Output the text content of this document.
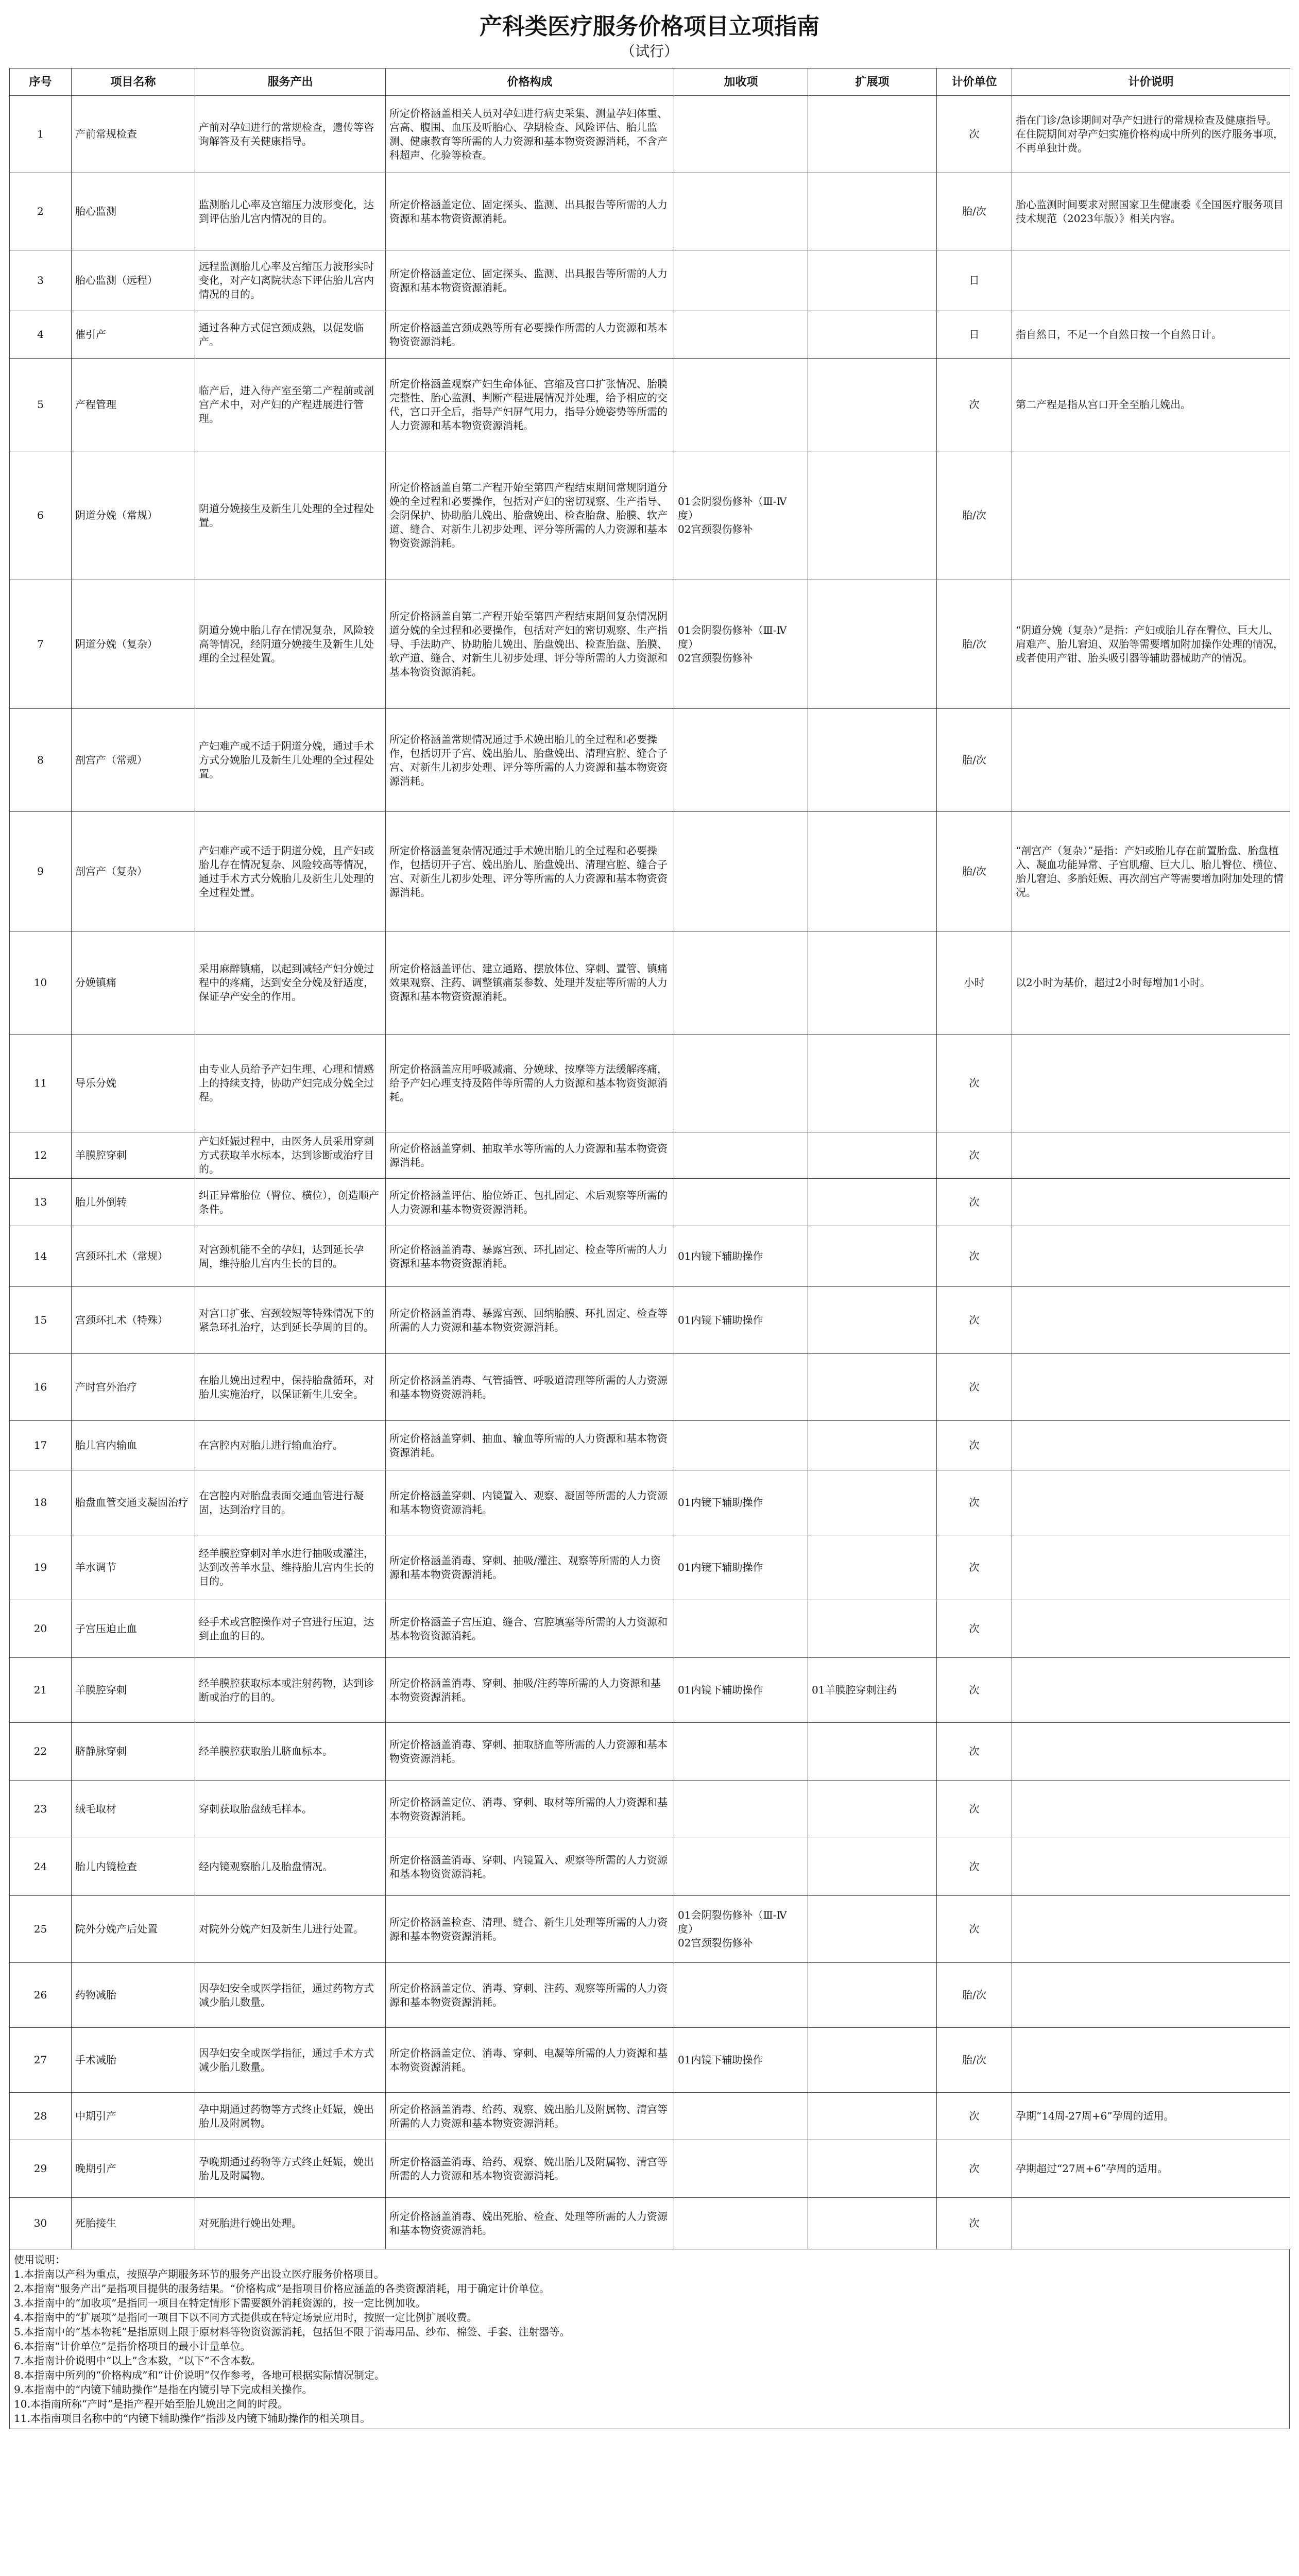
产科类医疗服务价格项目立项指南
（试行）
序号	项目名称	服务产出	价格构成	加收项	扩展项	计价单位	计价说明
1	产前常规检查	产前对孕妇进行的常规检查，遗传等咨询解答及有关健康指导。	所定价格涵盖相关人员对孕妇进行病史采集、测量孕妇体重、宫高、腹围、血压及听胎心、孕期检查、风险评估、胎儿监测、健康教育等所需的人力资源和基本物资资源消耗，不含产科超声、化验等检查。			次	指在门诊/急诊期间对孕产妇进行的常规检查及健康指导。在住院期间对孕产妇实施价格构成中所列的医疗服务事项，不再单独计费。
2	胎心监测	监测胎儿心率及宫缩压力波形变化，达到评估胎儿宫内情况的目的。	所定价格涵盖定位、固定探头、监测、出具报告等所需的人力资源和基本物资资源消耗。			胎/次	胎心监测时间要求对照国家卫生健康委《全国医疗服务项目技术规范（2023年版）》相关内容。
3	胎心监测（远程）	远程监测胎儿心率及宫缩压力波形实时变化，对产妇离院状态下评估胎儿宫内情况的目的。	所定价格涵盖定位、固定探头、监测、出具报告等所需的人力资源和基本物资资源消耗。			日	
4	催引产	通过各种方式促宫颈成熟，以促发临产。	所定价格涵盖宫颈成熟等所有必要操作所需的人力资源和基本物资资源消耗。			日	指自然日，不足一个自然日按一个自然日计。
5	产程管理	临产后，进入待产室至第二产程前或剖宫产术中，对产妇的产程进展进行管理。	所定价格涵盖观察产妇生命体征、宫缩及宫口扩张情况、胎膜完整性、胎心监测、判断产程进展情况并处理，给予相应的交代，宫口开全后，指导产妇屏气用力，指导分娩姿势等所需的人力资源和基本物资资源消耗。			次	第二产程是指从宫口开全至胎儿娩出。
6	阴道分娩（常规）	阴道分娩接生及新生儿处理的全过程处置。	所定价格涵盖自第二产程开始至第四产程结束期间常规阴道分娩的全过程和必要操作，包括对产妇的密切观察、生产指导、会阴保护、协助胎儿娩出、胎盘娩出、检查胎盘、胎膜、软产道、缝合、对新生儿初步处理、评分等所需的人力资源和基本物资资源消耗。	01会阴裂伤修补（Ⅲ-Ⅳ度）
02宫颈裂伤修补		胎/次	
7	阴道分娩（复杂）	阴道分娩中胎儿存在情况复杂，风险较高等情况，经阴道分娩接生及新生儿处理的全过程处置。	所定价格涵盖自第二产程开始至第四产程结束期间复杂情况阴道分娩的全过程和必要操作，包括对产妇的密切观察、生产指导、手法助产、协助胎儿娩出、胎盘娩出、检查胎盘、胎膜、软产道、缝合、对新生儿初步处理、评分等所需的人力资源和基本物资资源消耗。	01会阴裂伤修补（Ⅲ-Ⅳ度）
02宫颈裂伤修补		胎/次	“阴道分娩（复杂）”是指：产妇或胎儿存在臀位、巨大儿、肩难产、胎儿窘迫、双胎等需要增加附加操作处理的情况，或者使用产钳、胎头吸引器等辅助器械助产的情况。
8	剖宫产（常规）	产妇难产或不适于阴道分娩，通过手术方式分娩胎儿及新生儿处理的全过程处置。	所定价格涵盖常规情况通过手术娩出胎儿的全过程和必要操作，包括切开子宫、娩出胎儿、胎盘娩出、清理宫腔、缝合子宫、对新生儿初步处理、评分等所需的人力资源和基本物资资源消耗。			胎/次	
9	剖宫产（复杂）	产妇难产或不适于阴道分娩，且产妇或胎儿存在情况复杂、风险较高等情况，通过手术方式分娩胎儿及新生儿处理的全过程处置。	所定价格涵盖复杂情况通过手术娩出胎儿的全过程和必要操作，包括切开子宫、娩出胎儿、胎盘娩出、清理宫腔、缝合子宫、对新生儿初步处理、评分等所需的人力资源和基本物资资源消耗。			胎/次	“剖宫产（复杂）”是指：产妇或胎儿存在前置胎盘、胎盘植入、凝血功能异常、子宫肌瘤、巨大儿、胎儿臀位、横位、胎儿窘迫、多胎妊娠、再次剖宫产等需要增加附加处理的情况。
10	分娩镇痛	采用麻醉镇痛，以起到减轻产妇分娩过程中的疼痛，达到安全分娩及舒适度，保证孕产安全的作用。	所定价格涵盖评估、建立通路、摆放体位、穿刺、置管、镇痛效果观察、注药、调整镇痛泵参数、处理并发症等所需的人力资源和基本物资资源消耗。			小时	以2小时为基价，超过2小时每增加1小时。
11	导乐分娩	由专业人员给予产妇生理、心理和情感上的持续支持，协助产妇完成分娩全过程。	所定价格涵盖应用呼吸减痛、分娩球、按摩等方法缓解疼痛，给予产妇心理支持及陪伴等所需的人力资源和基本物资资源消耗。			次	
12	羊膜腔穿刺	产妇妊娠过程中，由医务人员采用穿刺方式获取羊水标本，达到诊断或治疗目的。	所定价格涵盖穿刺、抽取羊水等所需的人力资源和基本物资资源消耗。			次	
13	胎儿外倒转	纠正异常胎位（臀位、横位），创造顺产条件。	所定价格涵盖评估、胎位矫正、包扎固定、术后观察等所需的人力资源和基本物资资源消耗。			次	
14	宫颈环扎术（常规）	对宫颈机能不全的孕妇，达到延长孕周，维持胎儿宫内生长的目的。	所定价格涵盖消毒、暴露宫颈、环扎固定、检查等所需的人力资源和基本物资资源消耗。	01内镜下辅助操作		次	
15	宫颈环扎术（特殊）	对宫口扩张、宫颈较短等特殊情况下的紧急环扎治疗，达到延长孕周的目的。	所定价格涵盖消毒、暴露宫颈、回纳胎膜、环扎固定、检查等所需的人力资源和基本物资资源消耗。	01内镜下辅助操作		次	
16	产时宫外治疗	在胎儿娩出过程中，保持胎盘循环，对胎儿实施治疗，以保证新生儿安全。	所定价格涵盖消毒、气管插管、呼吸道清理等所需的人力资源和基本物资资源消耗。			次	
17	胎儿宫内输血	在宫腔内对胎儿进行输血治疗。	所定价格涵盖穿刺、抽血、输血等所需的人力资源和基本物资资源消耗。			次	
18	胎盘血管交通支凝固治疗	在宫腔内对胎盘表面交通血管进行凝固，达到治疗目的。	所定价格涵盖穿刺、内镜置入、观察、凝固等所需的人力资源和基本物资资源消耗。	01内镜下辅助操作		次	
19	羊水调节	经羊膜腔穿刺对羊水进行抽吸或灌注，达到改善羊水量、维持胎儿宫内生长的目的。	所定价格涵盖消毒、穿刺、抽吸/灌注、观察等所需的人力资源和基本物资资源消耗。	01内镜下辅助操作		次	
20	子宫压迫止血	经手术或宫腔操作对子宫进行压迫，达到止血的目的。	所定价格涵盖子宫压迫、缝合、宫腔填塞等所需的人力资源和基本物资资源消耗。			次	
21	羊膜腔穿刺	经羊膜腔获取标本或注射药物，达到诊断或治疗的目的。	所定价格涵盖消毒、穿刺、抽吸/注药等所需的人力资源和基本物资资源消耗。	01内镜下辅助操作	01羊膜腔穿刺注药	次	
22	脐静脉穿刺	经羊膜腔获取胎儿脐血标本。	所定价格涵盖消毒、穿刺、抽取脐血等所需的人力资源和基本物资资源消耗。			次	
23	绒毛取材	穿刺获取胎盘绒毛样本。	所定价格涵盖定位、消毒、穿刺、取材等所需的人力资源和基本物资资源消耗。			次	
24	胎儿内镜检查	经内镜观察胎儿及胎盘情况。	所定价格涵盖消毒、穿刺、内镜置入、观察等所需的人力资源和基本物资资源消耗。			次	
25	院外分娩产后处置	对院外分娩产妇及新生儿进行处置。	所定价格涵盖检查、清理、缝合、新生儿处理等所需的人力资源和基本物资资源消耗。	01会阴裂伤修补（Ⅲ-Ⅳ度）
02宫颈裂伤修补		次	
26	药物减胎	因孕妇安全或医学指征，通过药物方式减少胎儿数量。	所定价格涵盖定位、消毒、穿刺、注药、观察等所需的人力资源和基本物资资源消耗。			胎/次	
27	手术减胎	因孕妇安全或医学指征，通过手术方式减少胎儿数量。	所定价格涵盖定位、消毒、穿刺、电凝等所需的人力资源和基本物资资源消耗。	01内镜下辅助操作		胎/次	
28	中期引产	孕中期通过药物等方式终止妊娠，娩出胎儿及附属物。	所定价格涵盖消毒、给药、观察、娩出胎儿及附属物、清宫等所需的人力资源和基本物资资源消耗。			次	孕期“14周-27周+6”孕周的适用。
29	晚期引产	孕晚期通过药物等方式终止妊娠，娩出胎儿及附属物。	所定价格涵盖消毒、给药、观察、娩出胎儿及附属物、清宫等所需的人力资源和基本物资资源消耗。			次	孕期超过“27周+6”孕周的适用。
30	死胎接生	对死胎进行娩出处理。	所定价格涵盖消毒、娩出死胎、检查、处理等所需的人力资源和基本物资资源消耗。			次	

使用说明：

1.本指南以产科为重点，按照孕产期服务环节的服务产出设立医疗服务价格项目。

2.本指南“服务产出”是指项目提供的服务结果。“价格构成”是指项目价格应涵盖的各类资源消耗，用于确定计价单位。

3.本指南中的“加收项”是指同一项目在特定情形下需要额外消耗资源的，按一定比例加收。

4.本指南中的“扩展项”是指同一项目下以不同方式提供或在特定场景应用时，按照一定比例扩展收费。

5.本指南中的“基本物耗”是指原则上限于原材料等物资资源消耗，包括但不限于消毒用品、纱布、棉签、手套、注射器等。

6.本指南“计价单位”是指价格项目的最小计量单位。

7.本指南计价说明中“以上”含本数，“以下”不含本数。

8.本指南中所列的“价格构成”和“计价说明”仅作参考，各地可根据实际情况制定。

9.本指南中的“内镜下辅助操作”是指在内镜引导下完成相关操作。

10.本指南所称“产时”是指产程开始至胎儿娩出之间的时段。

11.本指南项目名称中的“内镜下辅助操作”指涉及内镜下辅助操作的相关项目。
